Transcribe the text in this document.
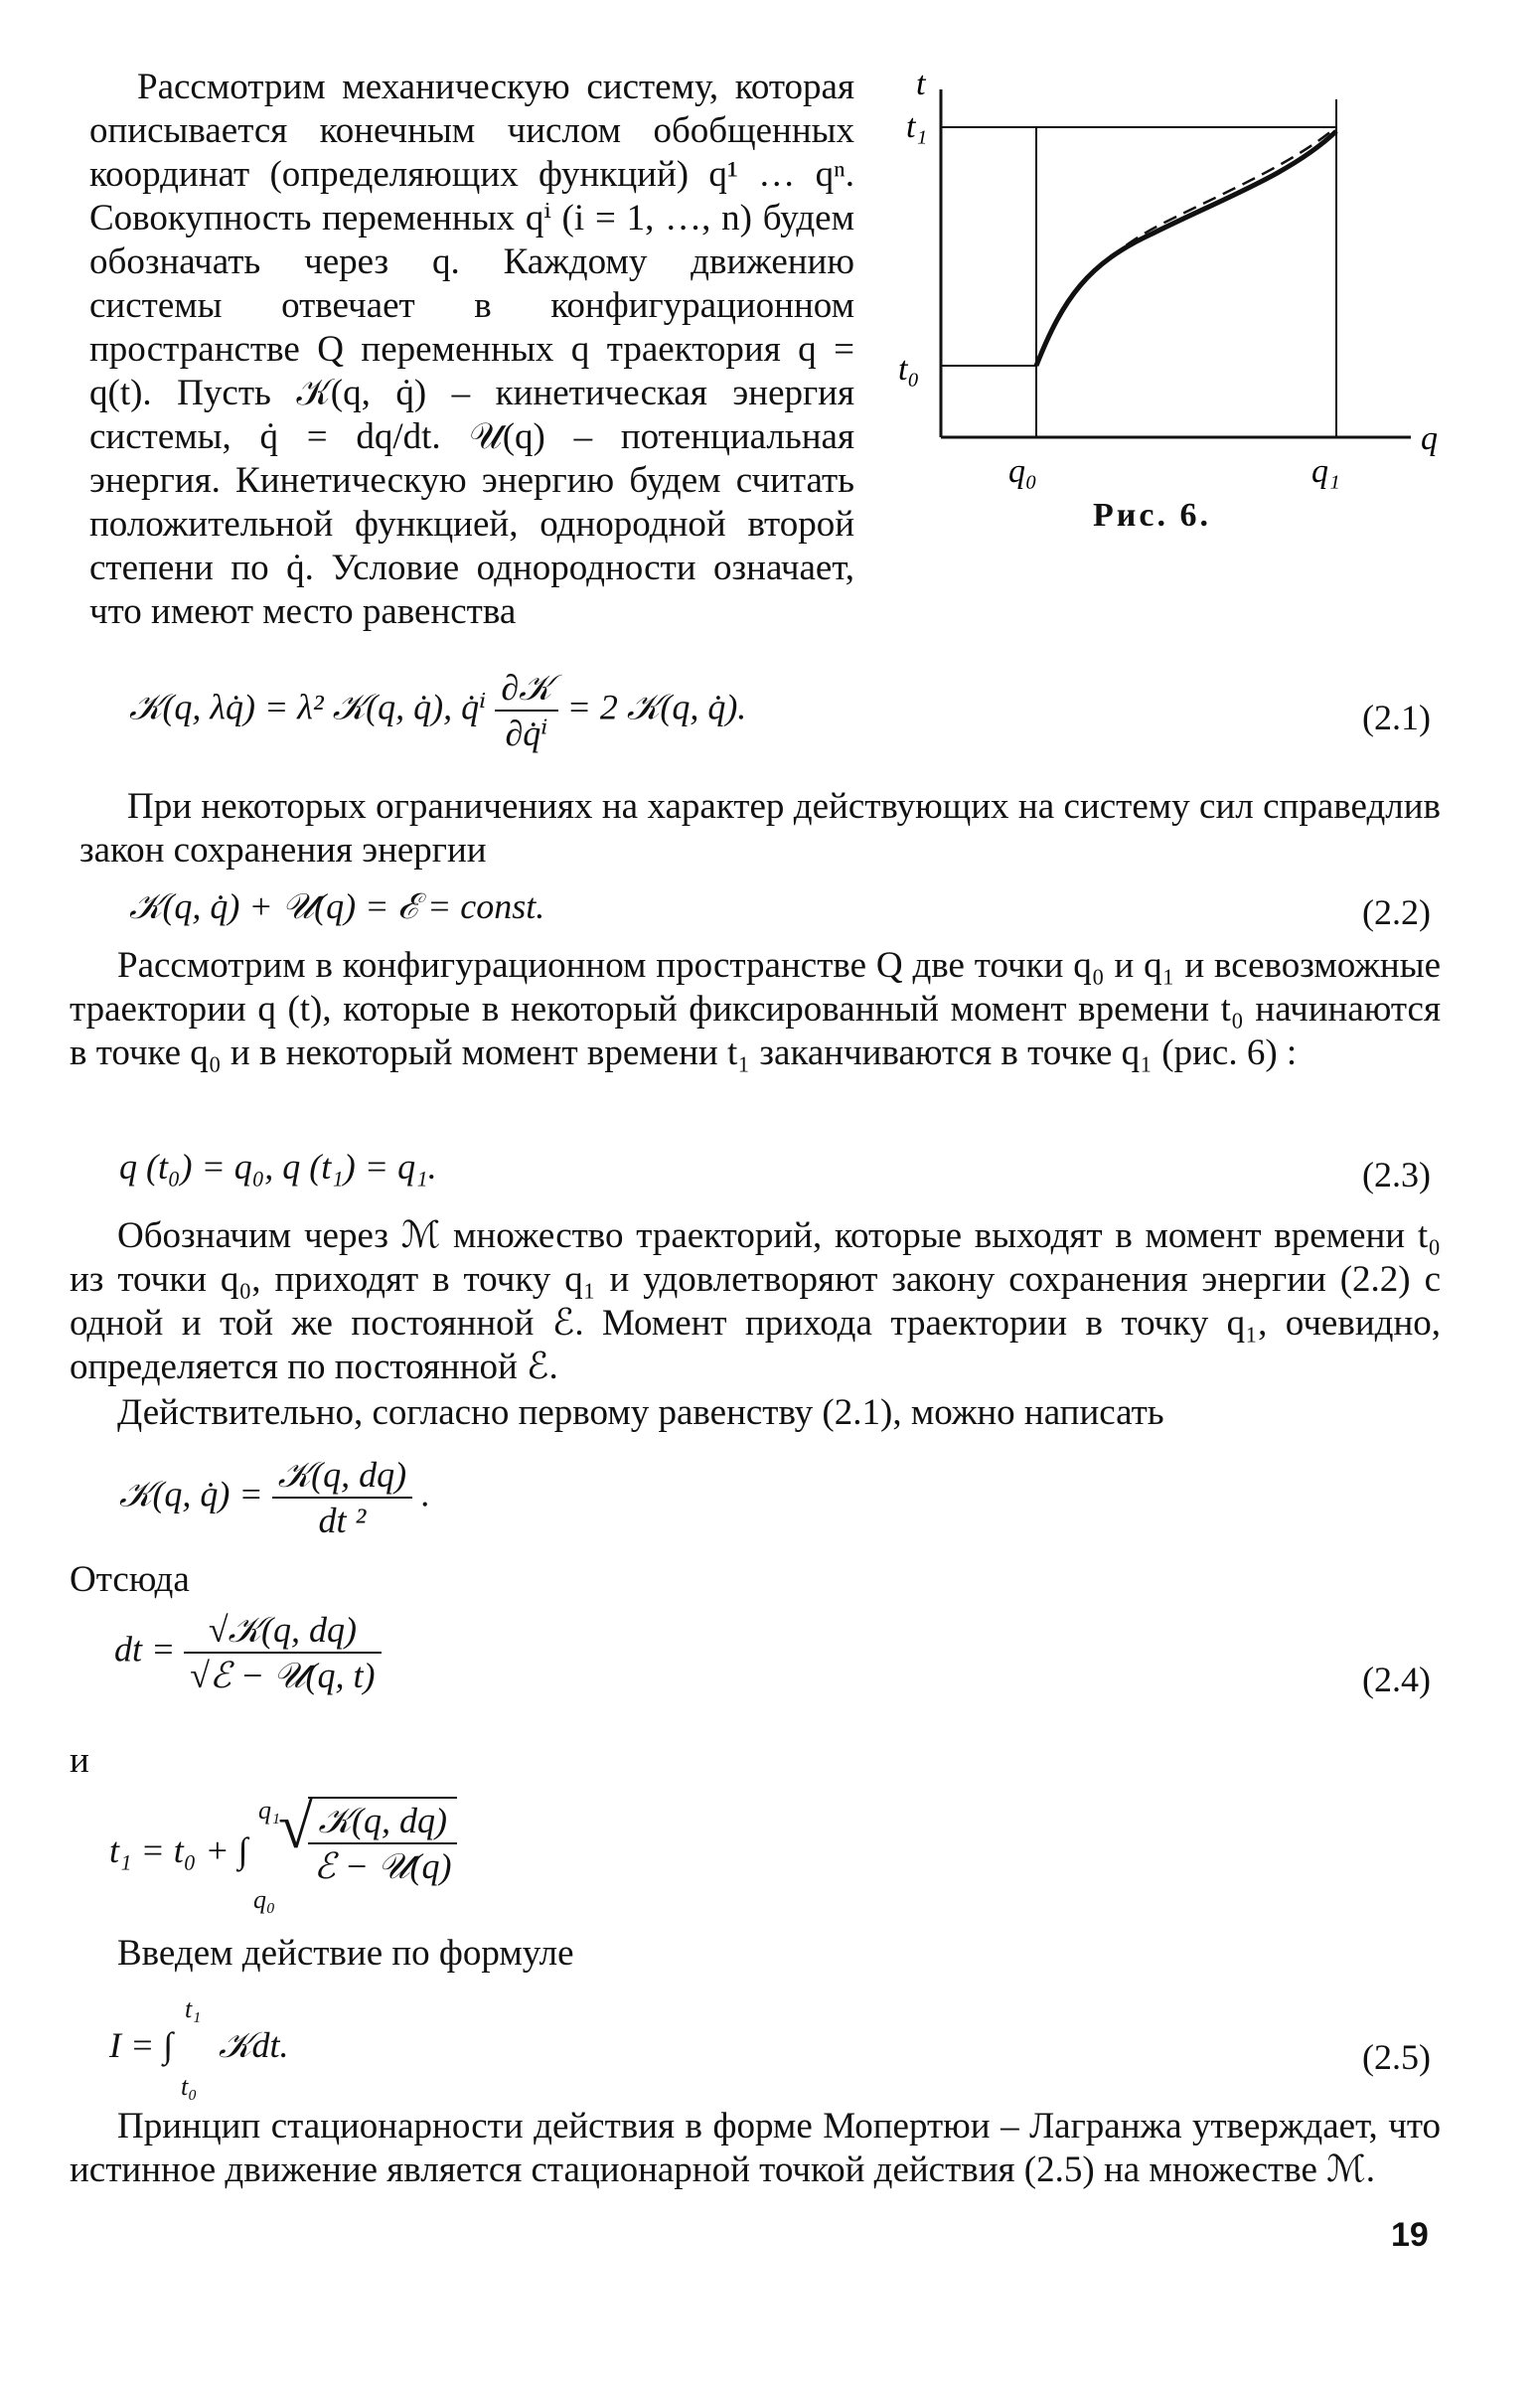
t
t₁
t₀
q
q₀	q₁

Рис. 6.

Рассмотрим механическую систему, которая описывается конечным числом обобщенных координат (определяющих функций) q¹ … qⁿ. Совокупность переменных qⁱ (i = 1, …, n) будем обозначать через q. Каждому движению системы отвечает в конфигурационном пространстве Q переменных q траектория q = q(t). Пусть 𝒦(q, q̇) – кинетическая энергия системы, q̇ = dq/dt. 𝒰(q) – потенциальная энергия. Кинетическую энергию будем считать положительной функцией, однородной второй степени по q̇. Условие однородности означает, что имеют место равенства

𝒦(q, λq̇) = λ² 𝒦(q, q̇), q̇ⁱ $\frac{\text{∂𝒦}}{\text{∂q̇ⁱ}} = 2$ 𝒦(q, q̇).	(2.1)

При некоторых ограничениях на характер действующих на систему сил справедлив закон сохранения энергии

𝒦(q, q̇) + 𝒰(q) = ℰ = const.	(2.2)

Рассмотрим в конфигурационном пространстве Q две точки q₀ и q₁ и всевозможные траектории q (t), которые в некоторый фиксированный момент времени t₀ начинаются в точке q₀ и в некоторый момент времени t₁ заканчиваются в точке q₁ (рис. 6) :

q (t₀) = q₀, q (t₁) = q₁.	(2.3)

Обозначим через ℳ множество траекторий, которые выходят в момент времени t₀ из точки q₀, приходят в точку q₁ и удовлетворяют закону сохранения энергии (2.2) с одной и той же постоянной ℰ. Момент прихода траектории в точку q₁, очевидно, определяется по постоянной ℰ.

Действительно, согласно первому равенству (2.1), можно написать

𝒦(q, q̇) = $\frac{\text{𝒦(q, dq)}}{\text{dt ²}}$ .

Отсюда

dt = $\frac{\text{√𝒦(q, dq)}}{\text{√ℰ − 𝒰(q, t)}}$	(2.4)

и

t₁ = t₀ + ∫
q₁
q₀
√ 𝒦(q, dq)
ℰ − 𝒰(q)

Введем действие по формуле

I = ∫
t₁
t₀
𝒦dt.	(2.5)

Принцип стационарности действия в форме Мопертюи – Лагранжа утверждает, что истинное движение является стационарной точкой действия (2.5) на множестве ℳ.

19
